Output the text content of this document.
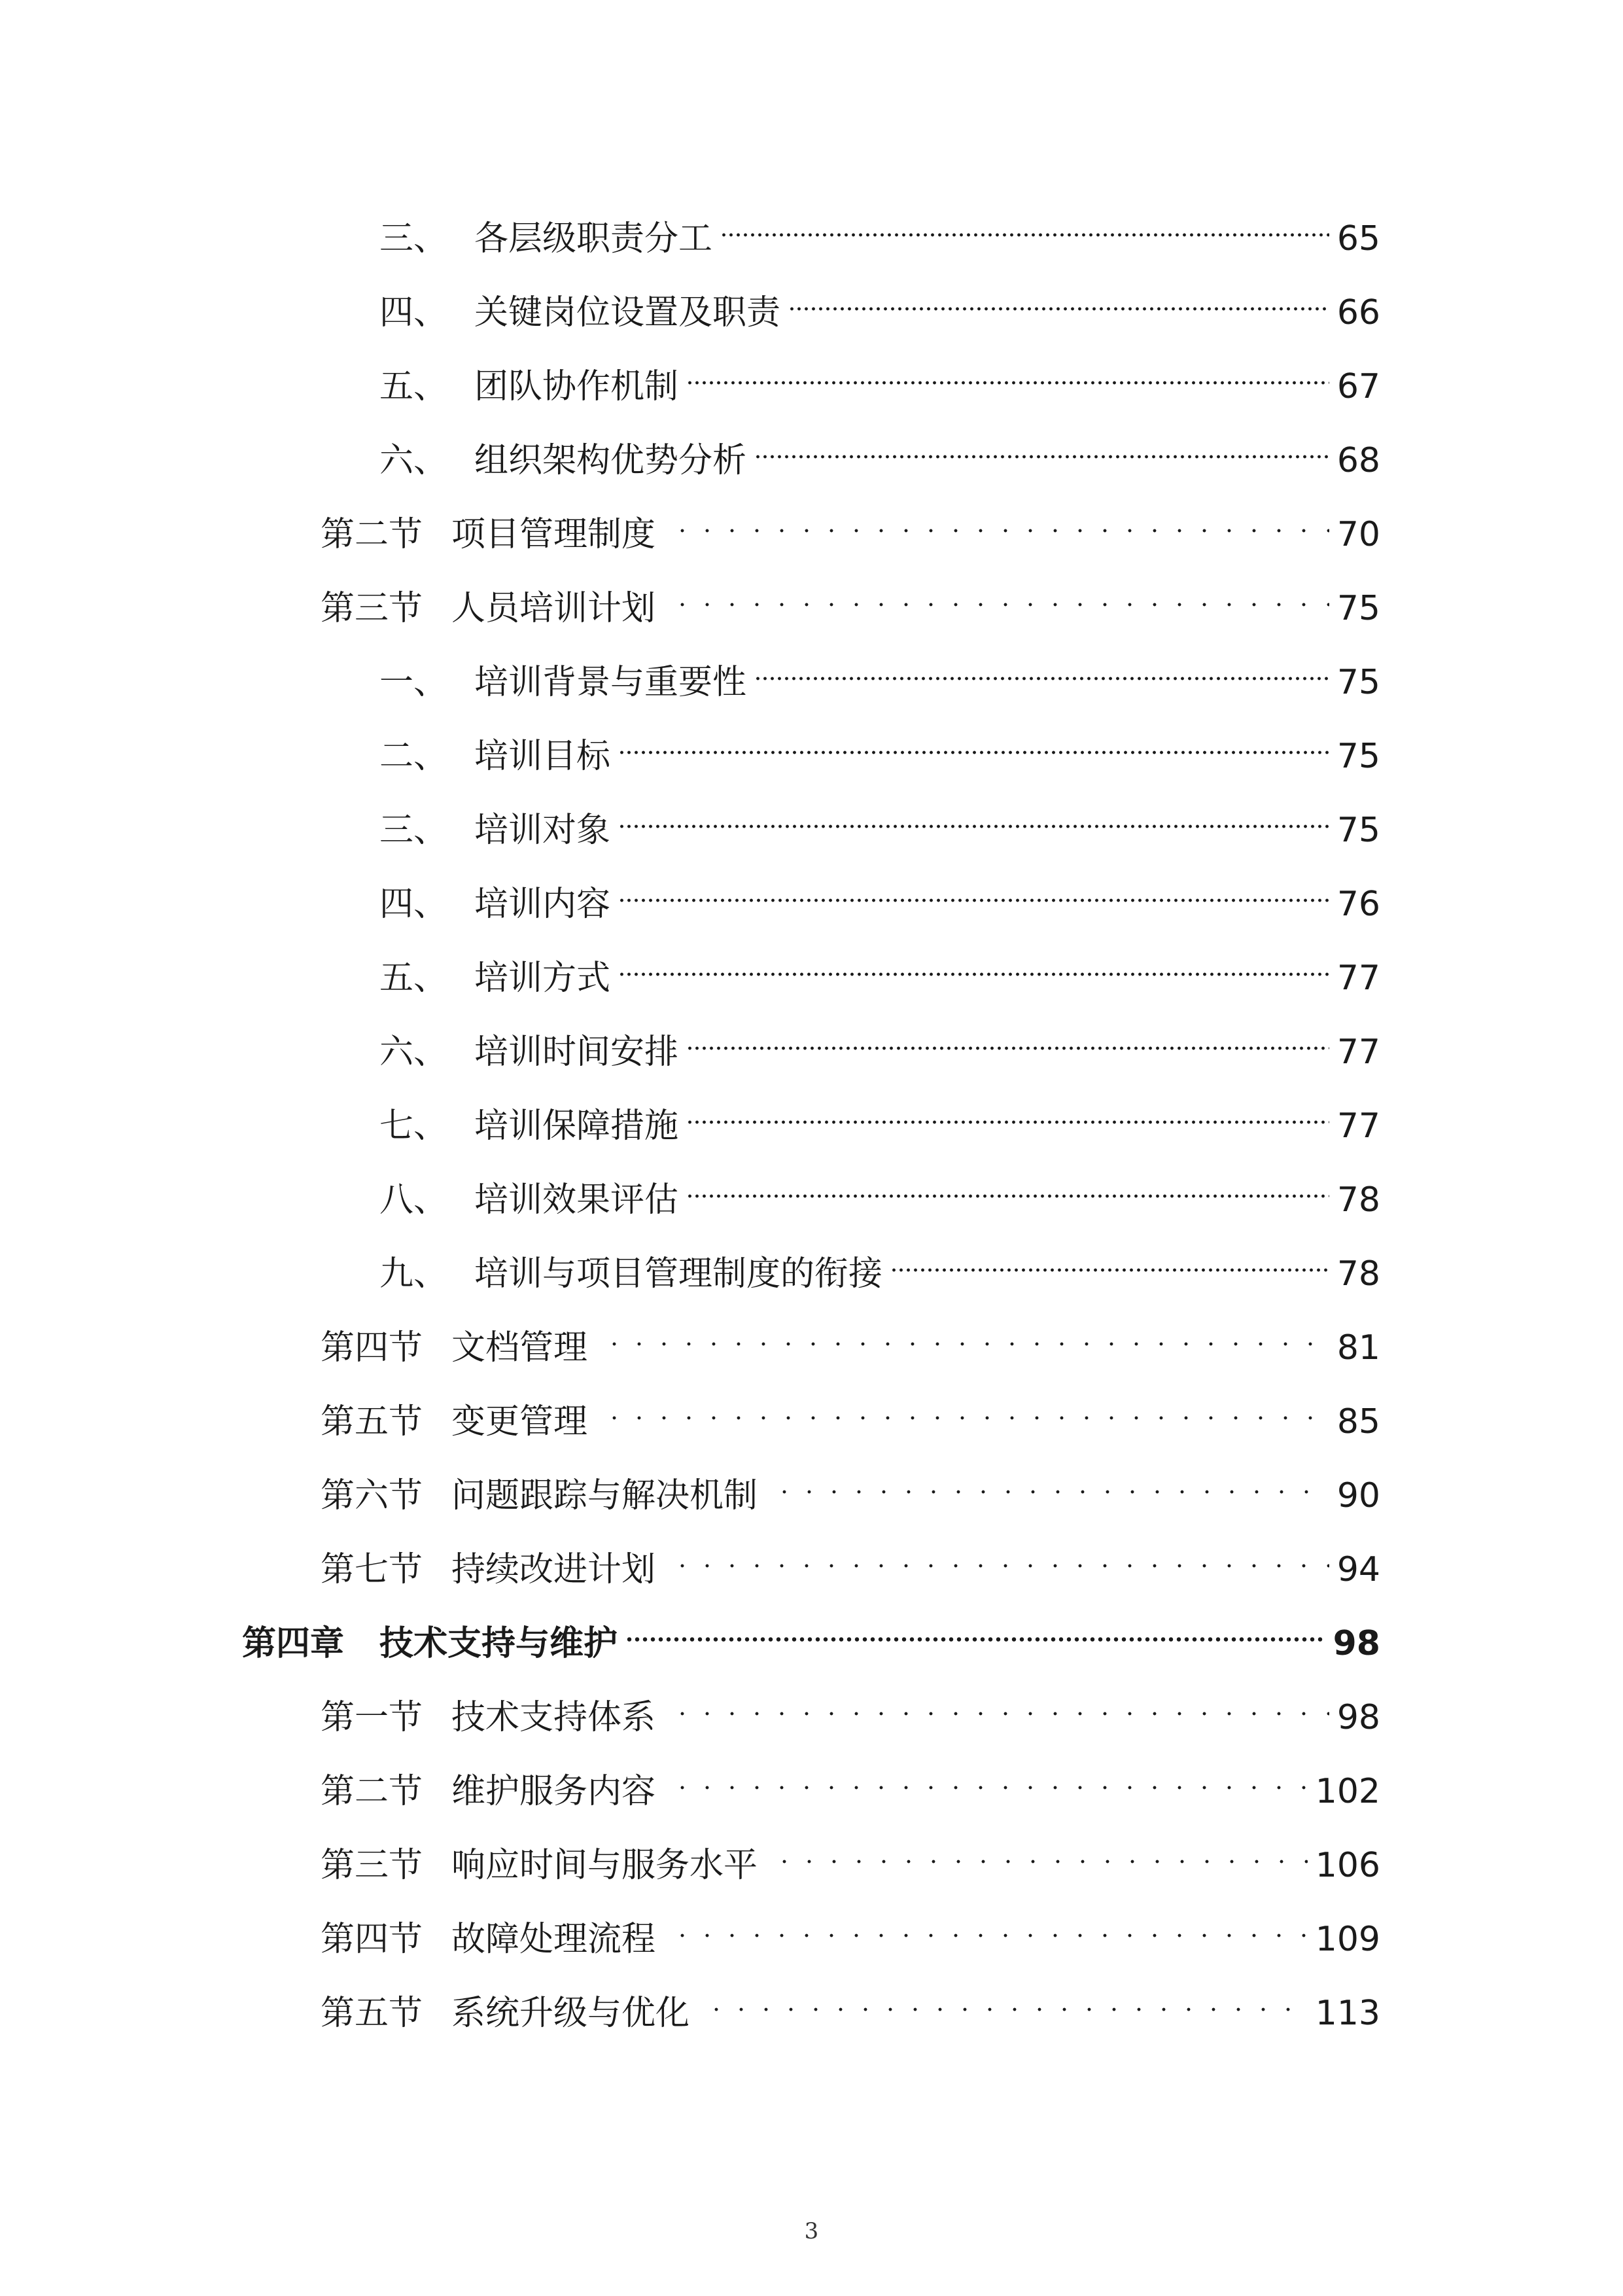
三、 各层级职责分工	65
四、 关键岗位设置及职责	66
五、 团队协作机制	67
六、 组织架构优势分析	68
第二节 项目管理制度	70
第三节 人员培训计划	75
一、 培训背景与重要性	75
二、 培训目标	75
三、 培训对象	75
四、 培训内容	76
五、 培训方式	77
六、 培训时间安排	77
七、 培训保障措施	77
八、 培训效果评估	78
九、 培训与项目管理制度的衔接	78
第四节 文档管理	81
第五节 变更管理	85
第六节 问题跟踪与解决机制	90
第七节 持续改进计划	94
第四章	技术支持与维护	98
第一节 技术支持体系	98
第二节 维护服务内容	102
第三节 响应时间与服务水平	106
第四节 故障处理流程	109
第五节 系统升级与优化	113
3
